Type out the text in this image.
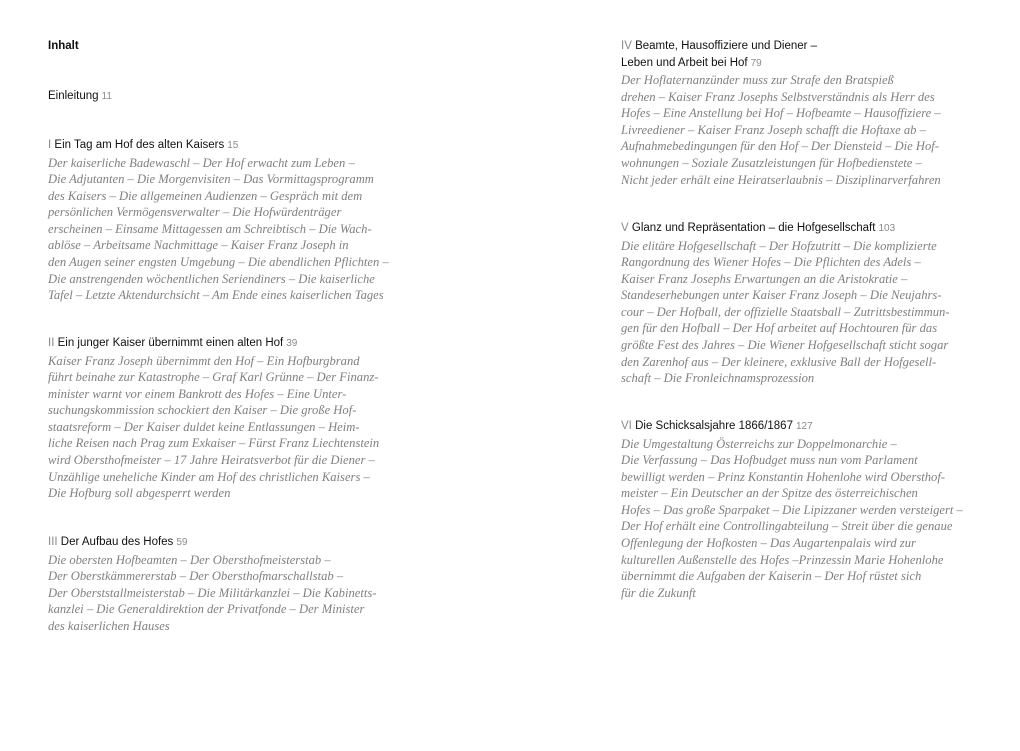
Inhalt

Einleitung 11

I Ein Tag am Hof des alten Kaisers 15

Der kaiserliche Badewaschl – Der Hof erwacht zum Leben –

Die Adjutanten – Die Morgenvisiten – Das Vormittagsprogramm

des Kaisers – Die allgemeinen Audienzen – Gespräch mit dem

persönlichen Vermögensverwalter – Die Hofwürdenträger

erscheinen – Einsame Mittagessen am Schreibtisch – Die Wach-

ablöse – Arbeitsame Nachmittage – Kaiser Franz Joseph in

den Augen seiner engsten Umgebung – Die abendlichen Pflichten –

Die anstrengenden wöchentlichen Seriendiners – Die kaiserliche

Tafel – Letzte Aktendurchsicht – Am Ende eines kaiserlichen Tages

II Ein junger Kaiser übernimmt einen alten Hof 39

Kaiser Franz Joseph übernimmt den Hof – Ein Hofburgbrand

führt beinahe zur Katastrophe – Graf Karl Grünne – Der Finanz-

minister warnt vor einem Bankrott des Hofes – Eine Unter-

suchungskommission schockiert den Kaiser – Die große Hof-

staatsreform – Der Kaiser duldet keine Entlassungen – Heim-

liche Reisen nach Prag zum Exkaiser – Fürst Franz Liechtenstein

wird Obersthofmeister – 17 Jahre Heiratsverbot für die Diener –

Unzählige uneheliche Kinder am Hof des christlichen Kaisers –

Die Hofburg soll abgesperrt werden

III Der Aufbau des Hofes 59

Die obersten Hofbeamten – Der Obersthofmeisterstab –

Der Oberstkämmererstab – Der Obersthofmarschallstab –

Der Oberststallmeisterstab – Die Militärkanzlei – Die Kabinetts-

kanzlei – Die Generaldirektion der Privatfonde – Der Minister

des kaiserlichen Hauses

IV Beamte, Hausoffiziere und Diener –

Leben und Arbeit bei Hof 79

Der Hoflaternanzünder muss zur Strafe den Bratspieß

drehen – Kaiser Franz Josephs Selbstverständnis als Herr des

Hofes – Eine Anstellung bei Hof – Hofbeamte – Hausoffiziere –

Livreediener – Kaiser Franz Joseph schafft die Hoftaxe ab –

Aufnahmebedingungen für den Hof – Der Diensteid – Die Hof-

wohnungen – Soziale Zusatzleistungen für Hofbedienstete –

Nicht jeder erhält eine Heiratserlaubnis – Disziplinarverfahren

V Glanz und Repräsentation – die Hofgesellschaft 103

Die elitäre Hofgesellschaft – Der Hofzutritt – Die komplizierte

Rangordnung des Wiener Hofes – Die Pflichten des Adels –

Kaiser Franz Josephs Erwartungen an die Aristokratie –

Standeserhebungen unter Kaiser Franz Joseph – Die Neujahrs-

cour – Der Hofball, der offizielle Staatsball – Zutrittsbestimmun-

gen für den Hofball – Der Hof arbeitet auf Hochtouren für das

größte Fest des Jahres – Die Wiener Hofgesellschaft sticht sogar

den Zarenhof aus – Der kleinere, exklusive Ball der Hofgesell-

schaft – Die Fronleichnamsprozession

VI Die Schicksalsjahre 1866/1867 127

Die Umgestaltung Österreichs zur Doppelmonarchie –

Die Verfassung – Das Hofbudget muss nun vom Parlament

bewilligt werden – Prinz Konstantin Hohenlohe wird Obersthof-

meister – Ein Deutscher an der Spitze des österreichischen

Hofes – Das große Sparpaket – Die Lipizzaner werden versteigert –

Der Hof erhält eine Controllingabteilung – Streit über die genaue

Offenlegung der Hofkosten – Das Augartenpalais wird zur

kulturellen Außenstelle des Hofes –Prinzessin Marie Hohenlohe

übernimmt die Aufgaben der Kaiserin – Der Hof rüstet sich

für die Zukunft
